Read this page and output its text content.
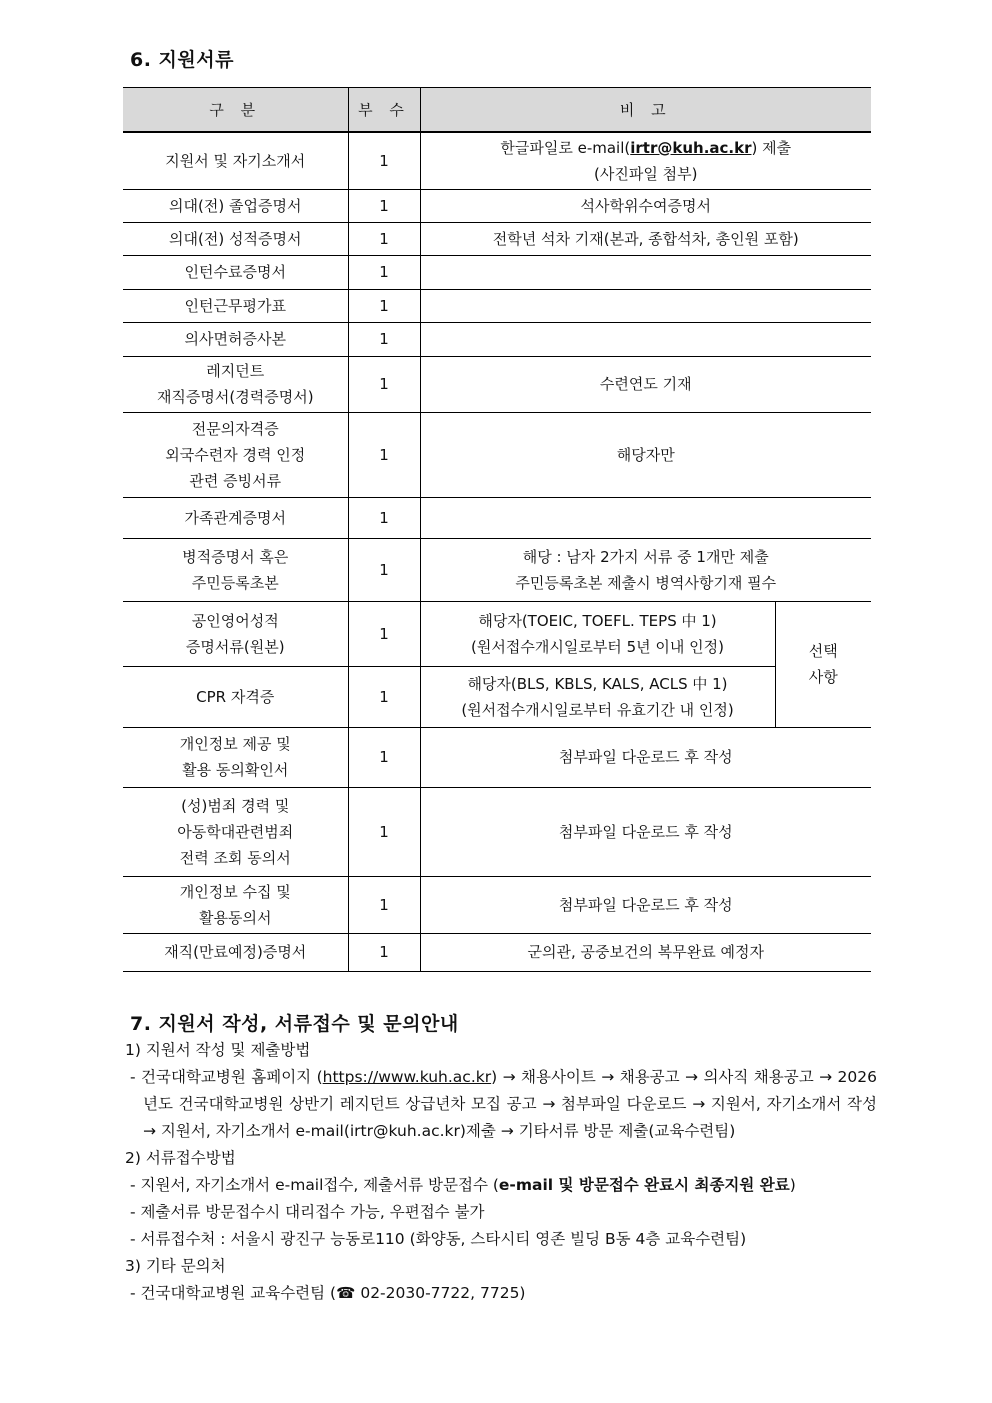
6. 지원서류
구 분	부 수	비 고	
지원서 및 자기소개서	1	한글파일로 e-mail(irtr@kuh.ac.kr) 제출
(사진파일 첨부)	

의대(전) 졸업증명서	1	석사학위수여증명서	
의대(전) 성적증명서	1	전학년 석차 기재(본과, 종합석차, 총인원 포함)	
인턴수료증명서	1		
인턴근무평가표	1		
의사면허증사본	1		

레지던트
재직증명서(경력증명서)	1	수련연도 기재	

전문의자격증
외국수련자 경력 인정
관련 증빙서류	1	해당자만	
가족관계증명서	1		

병적증명서 혹은
주민등록초본	1	해당 : 남자 2가지 서류 중 1개만 제출
주민등록초본 제출시 병역사항기재 필수	

공인영어성적
증명서류(원본)	1	해당자(TOEIC, TOEFL. TEPS 中 1)
(원서접수개시일로부터 5년 이내 인정)	선택
사항

CPR 자격증	1	해당자(BLS, KBLS, KALS, ACLS 中 1)
(원서접수개시일로부터 유효기간 내 인정)	

개인정보 제공 및
활용 동의확인서	1	첨부파일 다운로드 후 작성	

(성)범죄 경력 및
아동학대관련범죄
전력 조회 동의서	1	첨부파일 다운로드 후 작성	

개인정보 수집 및
활용동의서	1	첨부파일 다운로드 후 작성	
재직(만료예정)증명서	1	군의관, 공중보건의 복무완료 예정자	
7. 지원서 작성, 서류접수 및 문의안내

1) 지원서 작성 및 제출방법

- 건국대학교병원 홈페이지 (https://www.kuh.ac.kr) → 채용사이트 → 채용공고 → 의사직 채용공고 → 2026년도 건국대학교병원 상반기 레지던트 상급년차 모집 공고 → 첨부파일 다운로드 → 지원서, 자기소개서 작성 → 지원서, 자기소개서 e-mail(irtr@kuh.ac.kr)제출 → 기타서류 방문 제출(교육수련팀)

2) 서류접수방법

- 지원서, 자기소개서 e-mail접수, 제출서류 방문접수 (e-mail 및 방문접수 완료시 최종지원 완료)

- 제출서류 방문접수시 대리접수 가능, 우편접수 불가

- 서류접수처 : 서울시 광진구 능동로110 (화양동, 스타시티 영존 빌딩 B동 4층 교육수련팀)

3) 기타 문의처

- 건국대학교병원 교육수련팀 (☎ 02-2030-7722, 7725)
